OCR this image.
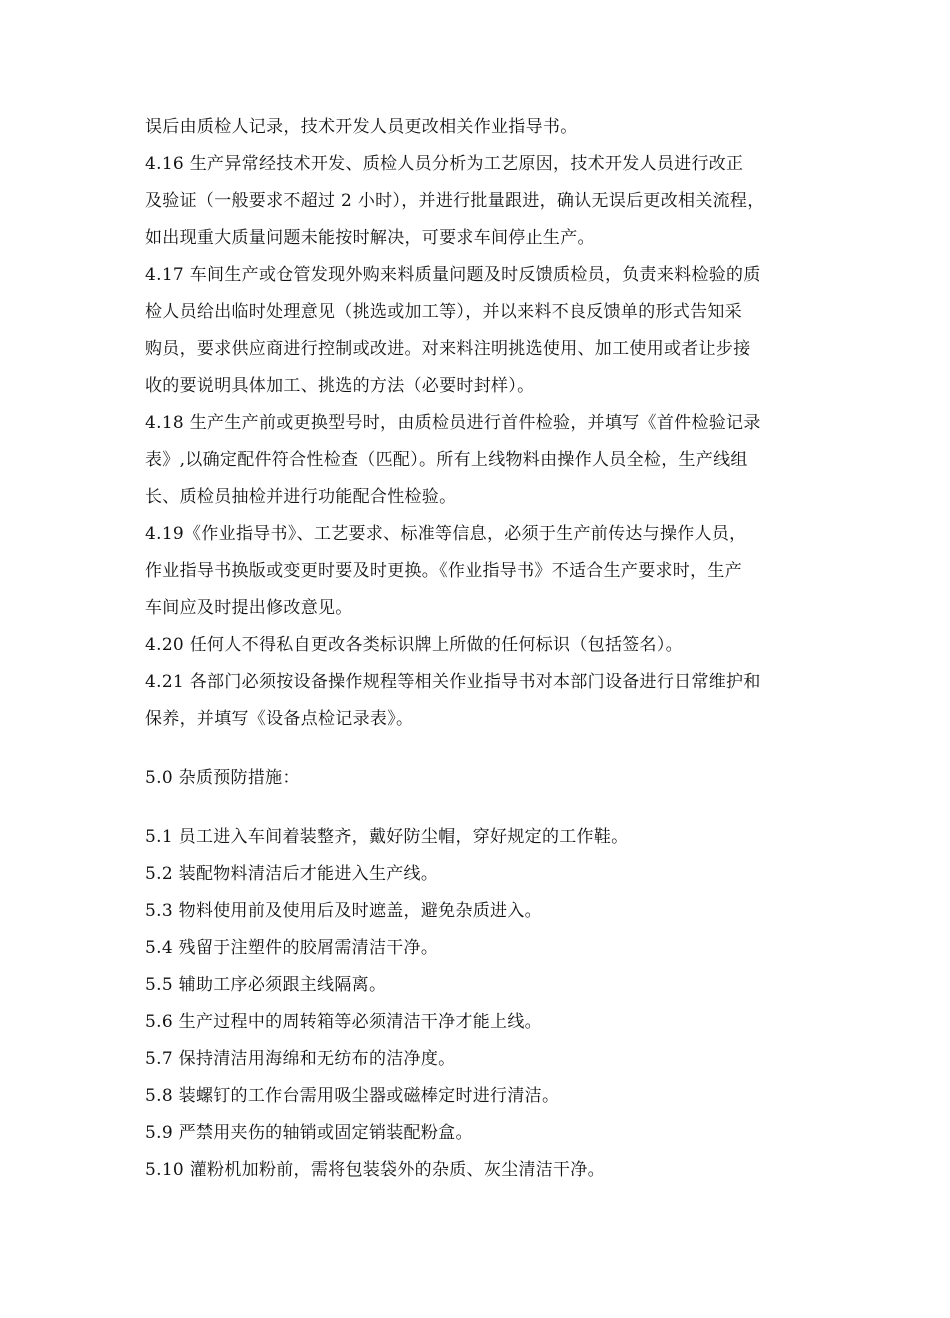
误后由质检人记录，技术开发人员更改相关作业指导书。
4.16 生产异常经技术开发、质检人员分析为工艺原因，技术开发人员进行改正
及验证（一般要求不超过 2 小时），并进行批量跟进，确认无误后更改相关流程，
如出现重大质量问题未能按时解决，可要求车间停止生产。
4.17 车间生产或仓管发现外购来料质量问题及时反馈质检员，负责来料检验的质
检人员给出临时处理意见（挑选或加工等），并以来料不良反馈单的形式告知采
购员，要求供应商进行控制或改进。对来料注明挑选使用、加工使用或者让步接
收的要说明具体加工、挑选的方法（必要时封样）。
4.18 生产生产前或更换型号时，由质检员进行首件检验，并填写《首件检验记录
表》,以确定配件符合性检查（匹配）。所有上线物料由操作人员全检，生产线组
长、质检员抽检并进行功能配合性检验。
4.19《作业指导书》、工艺要求、标准等信息，必须于生产前传达与操作人员，
作业指导书换版或变更时要及时更换。《作业指导书》不适合生产要求时，生产
车间应及时提出修改意见。
4.20 任何人不得私自更改各类标识牌上所做的任何标识（包括签名）。
4.21 各部门必须按设备操作规程等相关作业指导书对本部门设备进行日常维护和
保养，并填写《设备点检记录表》。
5.0 杂质预防措施：
5.1 员工进入车间着装整齐，戴好防尘帽，穿好规定的工作鞋。
5.2 装配物料清洁后才能进入生产线。
5.3 物料使用前及使用后及时遮盖，避免杂质进入。
5.4 残留于注塑件的胶屑需清洁干净。
5.5 辅助工序必须跟主线隔离。
5.6 生产过程中的周转箱等必须清洁干净才能上线。
5.7 保持清洁用海绵和无纺布的洁净度。
5.8 装螺钉的工作台需用吸尘器或磁棒定时进行清洁。
5.9 严禁用夹伤的轴销或固定销装配粉盒。
5.10 灌粉机加粉前，需将包装袋外的杂质、灰尘清洁干净。
